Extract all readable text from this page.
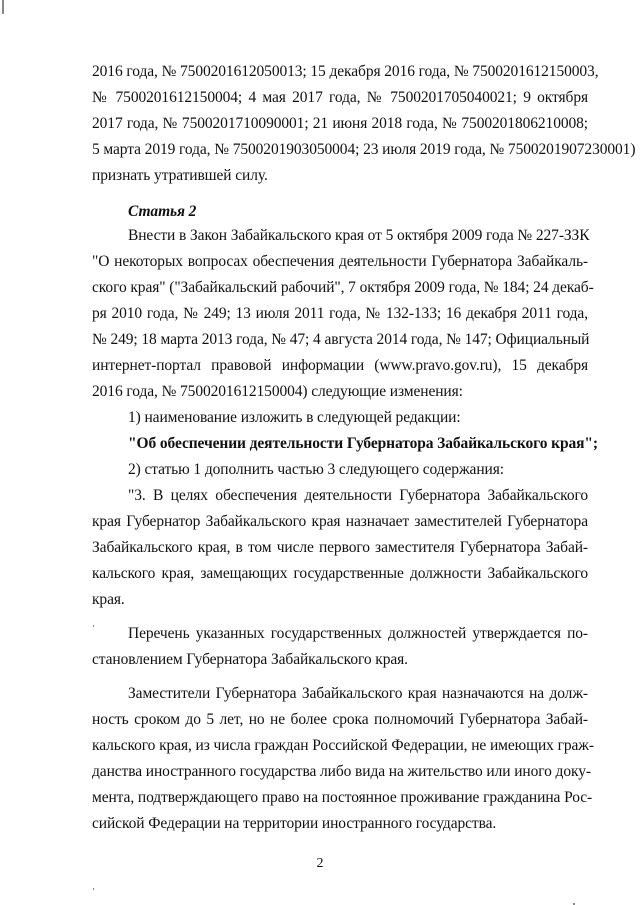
2016 года, № 7500201612050013; 15 декабря 2016 года, № 7500201612150003,
№ 7500201612150004; 4 мая 2017 года, № 7500201705040021; 9 октября
2017 года, № 7500201710090001; 21 июня 2018 года, № 7500201806210008;
5 марта 2019 года, № 7500201903050004; 23 июля 2019 года, № 7500201907230001)
признать утратившей силу.
Статья 2
Внести в Закон Забайкальского края от 5 октября 2009 года № 227-ЗЗК
"О некоторых вопросах обеспечения деятельности Губернатора Забайкаль-
ского края" ("Забайкальский рабочий", 7 октября 2009 года, № 184; 24 декаб-
ря 2010 года, № 249; 13 июля 2011 года, № 132-133; 16 декабря 2011 года,
№ 249; 18 марта 2013 года, № 47; 4 августа 2014 года, № 147; Официальный
интернет-портал правовой информации (www.pravo.gov.ru), 15 декабря
2016 года, № 7500201612150004) следующие изменения:
1) наименование изложить в следующей редакции:
"Об обеспечении деятельности Губернатора Забайкальского края";
2) статью 1 дополнить частью 3 следующего содержания:
"3. В целях обеспечения деятельности Губернатора Забайкальского
края Губернатор Забайкальского края назначает заместителей Губернатора
Забайкальского края, в том числе первого заместителя Губернатора Забай-
кальского края, замещающих государственные должности Забайкальского
края.
Перечень указанных государственных должностей утверждается по-
становлением Губернатора Забайкальского края.
Заместители Губернатора Забайкальского края назначаются на долж-
ность сроком до 5 лет, но не более срока полномочий Губернатора Забай-
кальского края, из числа граждан Российской Федерации, не имеющих граж-
данства иностранного государства либо вида на жительство или иного доку-
мента, подтверждающего право на постоянное проживание гражданина Рос-
сийской Федерации на территории иностранного государства.
2
